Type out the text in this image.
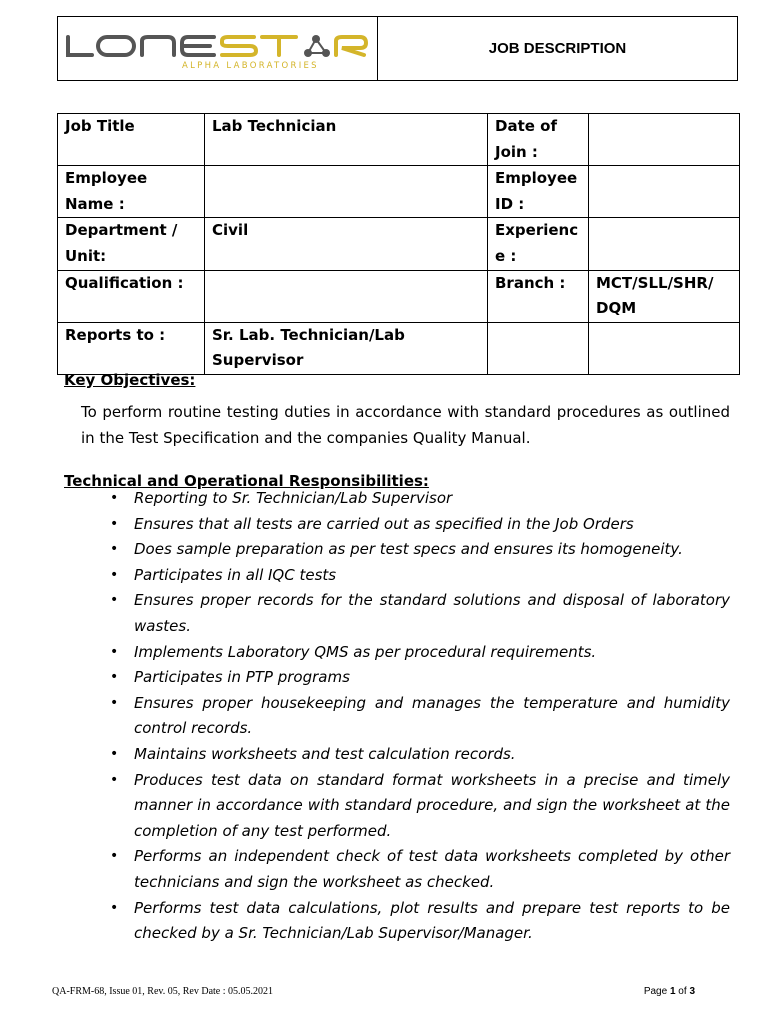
ALPHA LABORATORIES
JOB DESCRIPTION
Job Title	Lab Technician	Date of Join :	
Employee Name :		Employee ID :	
Department / Unit:	Civil	Experience :	
Qualification :		Branch :	MCT/SLL/SHR/ DQM
Reports to :	Sr. Lab. Technician/Lab Supervisor		
Key Objectives:

To perform routine testing duties in accordance with standard procedures as outlined in the Test Specification and the companies Quality Manual.

Technical and Operational Responsibilities:
• Reporting to Sr. Technician/Lab Supervisor
• Ensures that all tests are carried out as specified in the Job Orders
• Does sample preparation as per test specs and ensures its homogeneity.
• Participates in all IQC tests
• Ensures proper records for the standard solutions and disposal of laboratory wastes.
• Implements Laboratory QMS as per procedural requirements.
• Participates in PTP programs
• Ensures proper housekeeping and manages the temperature and humidity control records.
• Maintains worksheets and test calculation records.
• Produces test data on standard format worksheets in a precise and timely manner in accordance with standard procedure, and sign the worksheet at the completion of any test performed.
• Performs an independent check of test data worksheets completed by other technicians and sign the worksheet as checked.
• Performs test data calculations, plot results and prepare test reports to be checked by a Sr. Technician/Lab Supervisor/Manager.
QA-FRM-68, Issue 01, Rev. 05, Rev Date : 05.05.2021	Page 1 of 3
